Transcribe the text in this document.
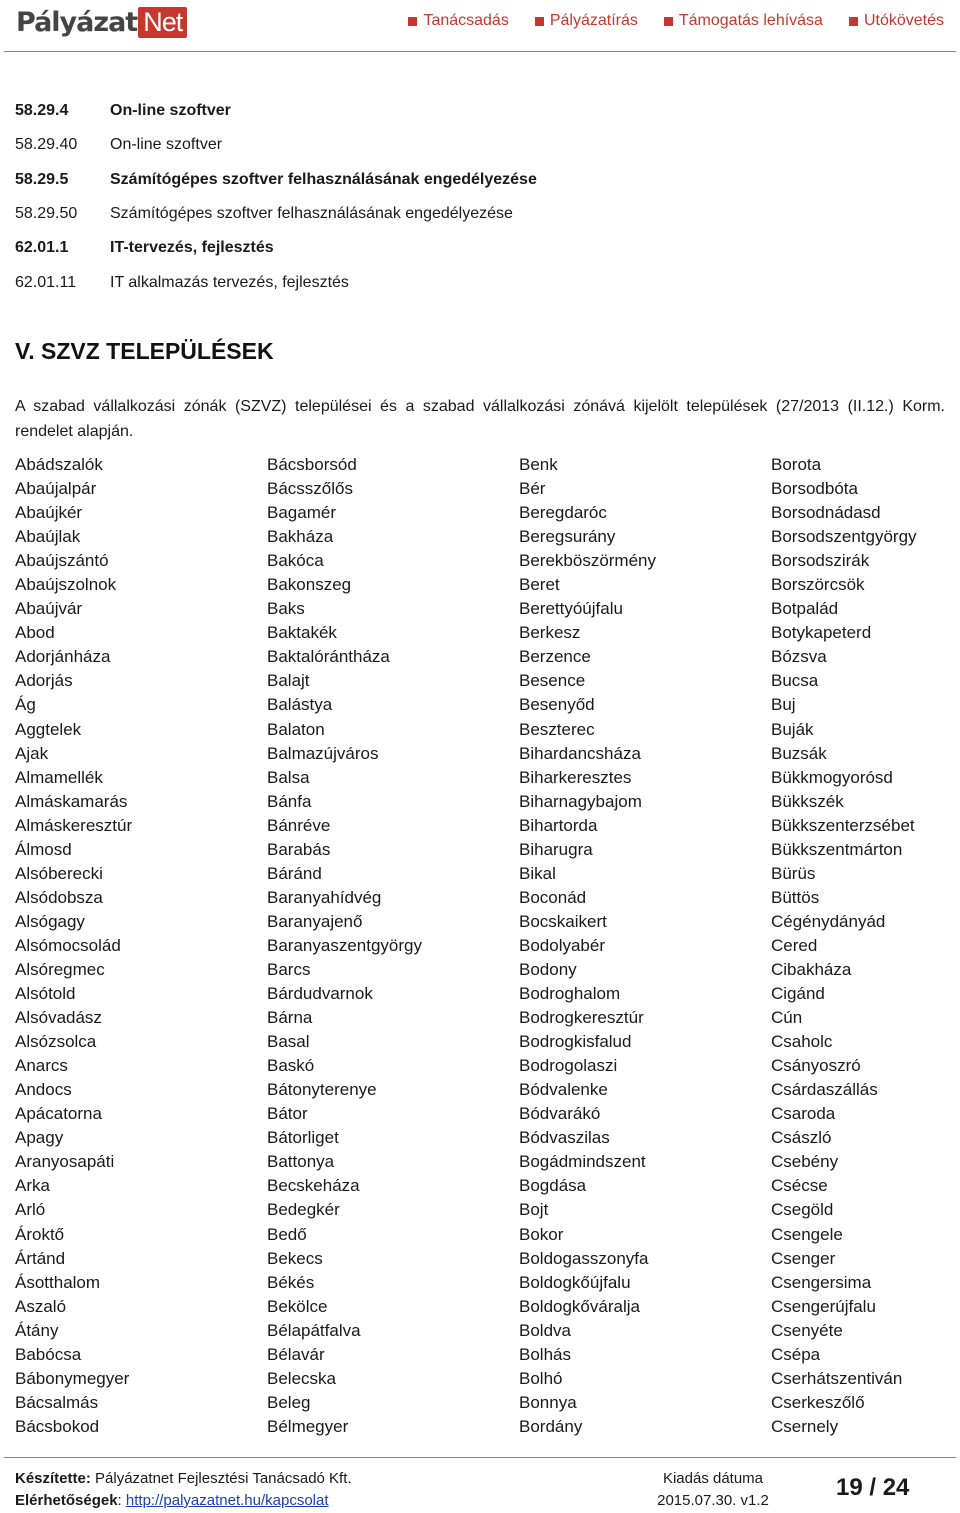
Pályázat Net	Tanácsadás	Pályázatírás	Támogatás lehívása	Utókövetés
58.29.4	On-line szoftver
58.29.40	On-line szoftver
58.29.5	Számítógépes szoftver felhasználásának engedélyezése
58.29.50	Számítógépes szoftver felhasználásának engedélyezése
62.01.1	IT-tervezés, fejlesztés
62.01.11	IT alkalmazás tervezés, fejlesztés
V. SZVZ TELEPÜLÉSEK
A szabad vállalkozási zónák (SZVZ) települései és a szabad vállalkozási zónává kijelölt települések (27/2013 (II.12.) Korm. rendelet alapján.
Abádszalók
Abaújalpár
Abaújkér
Abaújlak
Abaújszántó
Abaújszolnok
Abaújvár
Abod
Adorjánháza
Adorjás
Ág
Aggtelek
Ajak
Almamellék
Almáskamarás
Almáskeresztúr
Álmosd
Alsóberecki
Alsódobsza
Alsógagy
Alsómocsolád
Alsóregmec
Alsótold
Alsóvadász
Alsózsolca
Anarcs
Andocs
Apácatorna
Apagy
Aranyosapáti
Arka
Arló
Ároktő
Ártánd
Ásotthalom
Aszaló
Átány
Babócsa
Bábonymegyer
Bácsalmás
Bácsbokod
Bácsborsód
Bácsszőlős
Bagamér
Bakháza
Bakóca
Bakonszeg
Baks
Baktakék
Baktalórántháza
Balajt
Balástya
Balaton
Balmazújváros
Balsa
Bánfa
Bánréve
Barabás
Báránd
Baranyahídvég
Baranyajenő
Baranyaszentgyörgy
Barcs
Bárdudvarnok
Bárna
Basal
Baskó
Bátonyterenye
Bátor
Bátorliget
Battonya
Becskeháza
Bedegkér
Bedő
Bekecs
Békés
Bekölce
Bélapátfalva
Bélavár
Belecska
Beleg
Bélmegyer
Benk
Bér
Beregdaróc
Beregsurány
Berekböszörmény
Beret
Berettyóújfalu
Berkesz
Berzence
Besence
Besenyőd
Beszterec
Bihardancsháza
Biharkeresztes
Biharnagybajom
Bihartorda
Biharugra
Bikal
Boconád
Bocskaikert
Bodolyabér
Bodony
Bodroghalom
Bodrogkeresztúr
Bodrogkisfalud
Bodrogolaszi
Bódvalenke
Bódvarákó
Bódvaszilas
Bogádmindszent
Bogdása
Bojt
Bokor
Boldogasszonyfa
Boldogkőújfalu
Boldogkőváralja
Boldva
Bolhás
Bolhó
Bonnya
Bordány
Borota
Borsodbóta
Borsodnádasd
Borsodszentgyörgy
Borsodszirák
Borszörcsök
Botpalád
Botykapeterd
Bózsva
Bucsa
Buj
Buják
Buzsák
Bükkmogyorósd
Bükkszék
Bükkszenterzsébet
Bükkszentmárton
Bürüs
Büttös
Cégénydányád
Cered
Cibakháza
Cigánd
Cún
Csaholc
Csányoszró
Csárdaszállás
Csaroda
Császló
Csebény
Csécse
Csegöld
Csengele
Csenger
Csengersima
Csengerújfalu
Csenyéte
Csépa
Cserhátszentiván
Cserkeszőlő
Csernely
Készítette: Pályázatnet Fejlesztési Tanácsadó Kft.
Elérhetőségek: http://palyazatnet.hu/kapcsolat
Kiadás dátuma
2015.07.30. v1.2	19 / 24
